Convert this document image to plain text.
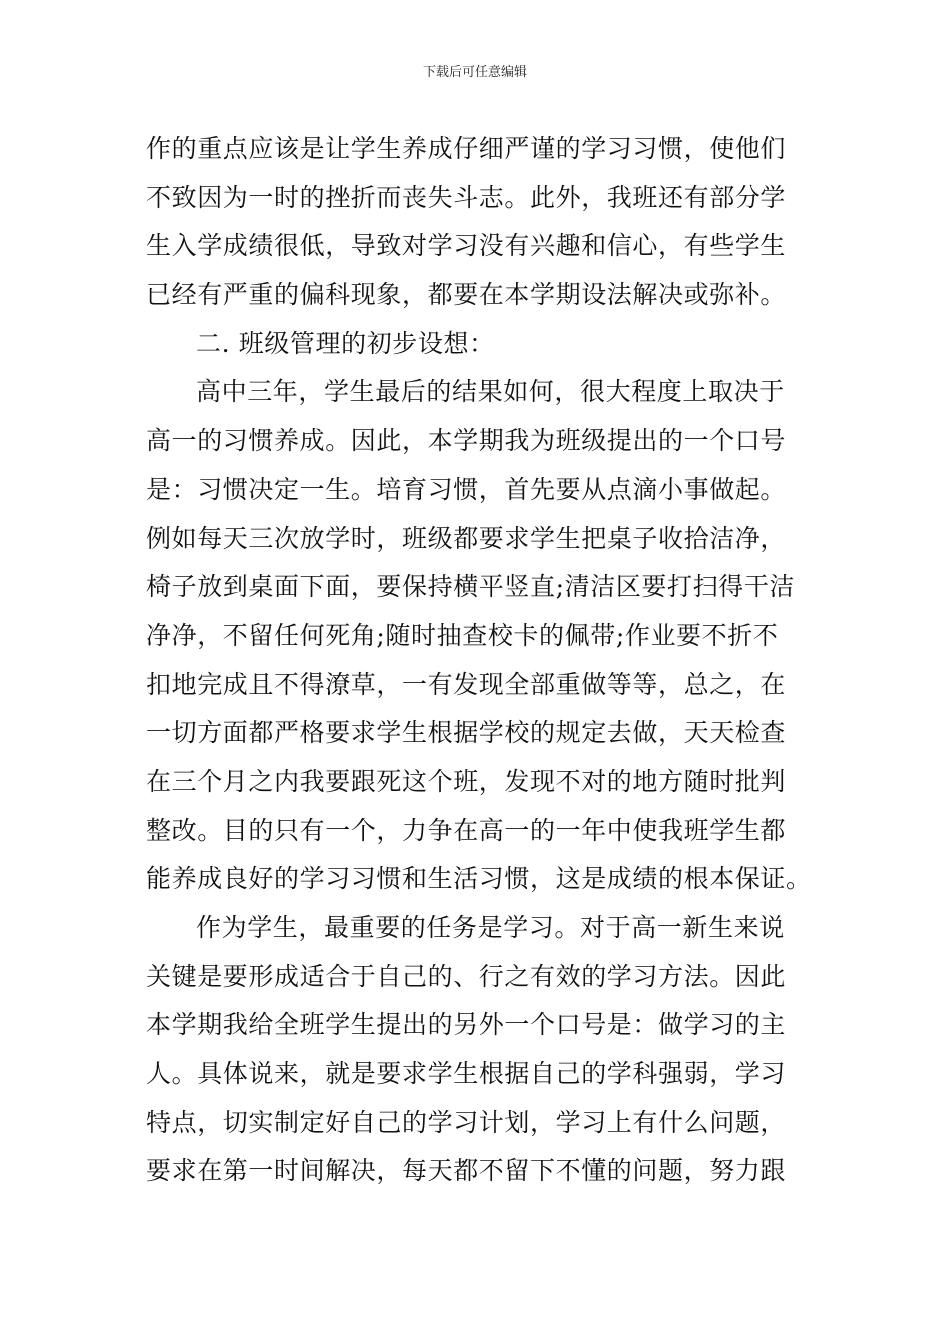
下载后可任意编辑
作的重点应该是让学生养成仔细严谨的学习习惯，使他们
不致因为一时的挫折而丧失斗志。此外，我班还有部分学
生入学成绩很低，导致对学习没有兴趣和信心，有些学生
已经有严重的偏科现象，都要在本学期设法解决或弥补。
二. 班级管理的初步设想：
高中三年，学生最后的结果如何，很大程度上取决于
高一的习惯养成。因此，本学期我为班级提出的一个口号
是：习惯决定一生。培育习惯，首先要从点滴小事做起。
例如每天三次放学时，班级都要求学生把桌子收拾洁净，
椅子放到桌面下面，要保持横平竖直;清洁区要打扫得干洁
净净，不留任何死角;随时抽查校卡的佩带;作业要不折不
扣地完成且不得潦草，一有发现全部重做等等，总之，在
一切方面都严格要求学生根据学校的规定去做，天天检查
在三个月之内我要跟死这个班，发现不对的地方随时批判
整改。目的只有一个，力争在高一的一年中使我班学生都
能养成良好的学习习惯和生活习惯，这是成绩的根本保证。
作为学生，最重要的任务是学习。对于高一新生来说
关键是要形成适合于自己的、行之有效的学习方法。因此
本学期我给全班学生提出的另外一个口号是：做学习的主
人。具体说来，就是要求学生根据自己的学科强弱，学习
特点，切实制定好自己的学习计划，学习上有什么问题，
要求在第一时间解决，每天都不留下不懂的问题，努力跟
